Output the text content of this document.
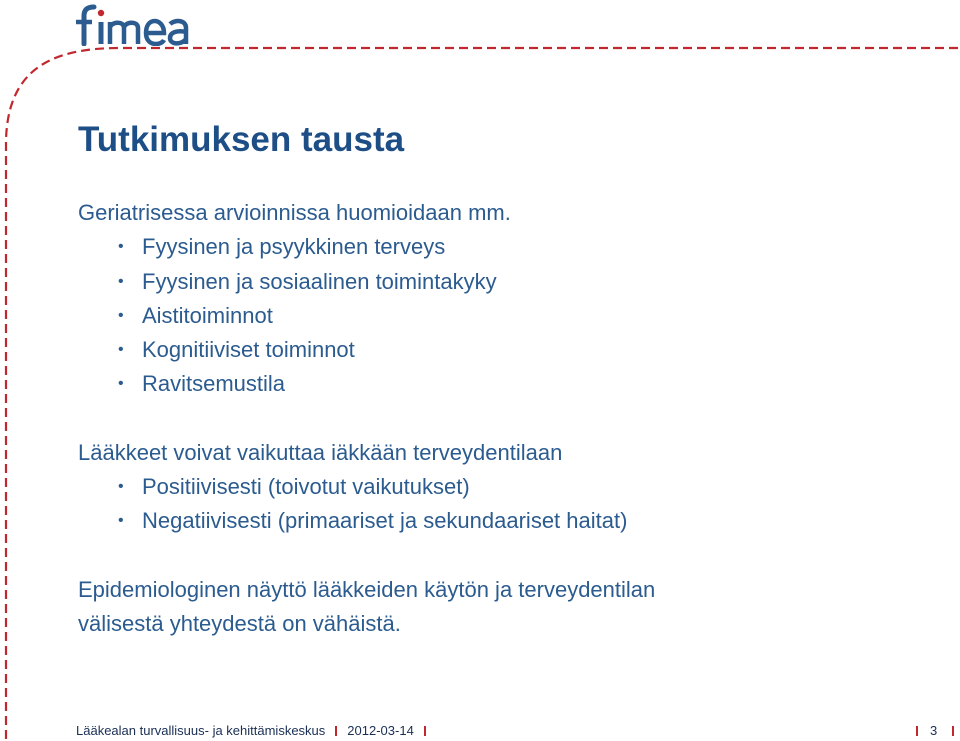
Tutkimuksen tausta

Geriatrisessa arvioinnissa huomioidaan mm.

• Fyysinen ja psyykkinen terveys
• Fyysinen ja sosiaalinen toimintakyky
• Aistitoiminnot
• Kognitiiviset toiminnot
• Ravitsemustila

Lääkkeet voivat vaikuttaa iäkkään terveydentilaan

• Positiivisesti (toivotut vaikutukset)
• Negatiivisesti (primaariset ja sekundaariset haitat)

Epidemiologinen näyttö lääkkeiden käytön ja terveydentilan

välisestä yhteydestä on vähäistä.

Lääkealan turvallisuus- ja kehittämiskeskus 2012-03-14	3
